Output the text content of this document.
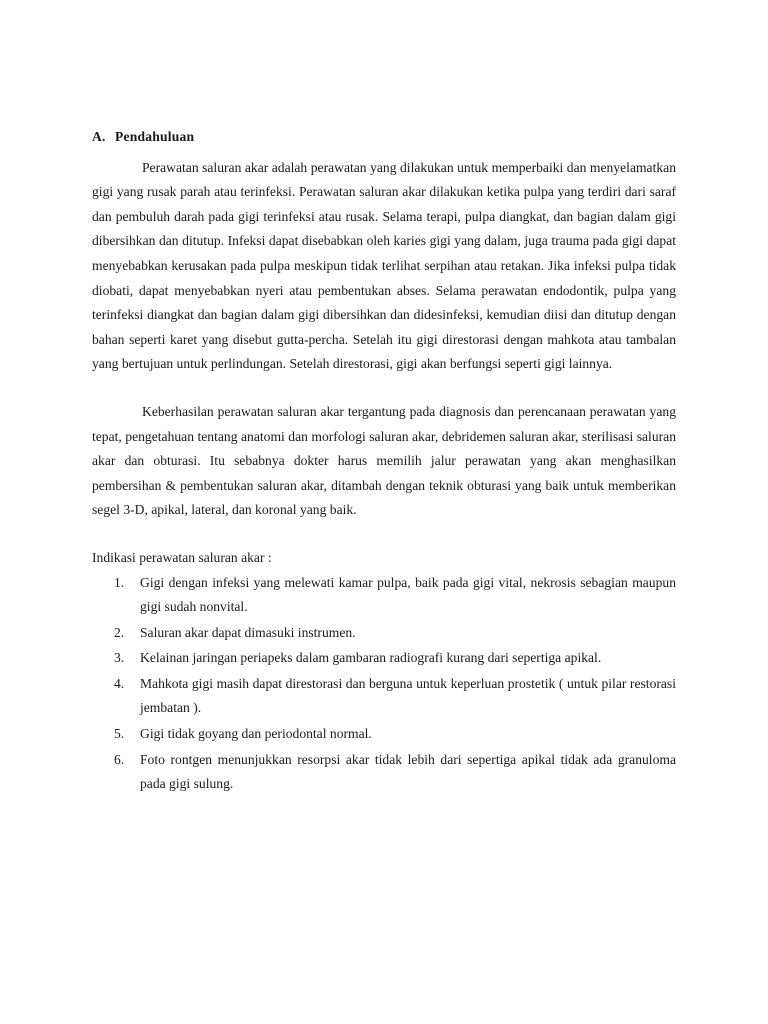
A. Pendahuluan

Perawatan saluran akar adalah perawatan yang dilakukan untuk memperbaiki dan menyelamatkan gigi yang rusak parah atau terinfeksi. Perawatan saluran akar dilakukan ketika pulpa yang terdiri dari saraf dan pembuluh darah pada gigi terinfeksi atau rusak. Selama terapi, pulpa diangkat, dan bagian dalam gigi dibersihkan dan ditutup. Infeksi dapat disebabkan oleh karies gigi yang dalam, juga trauma pada gigi dapat menyebabkan kerusakan pada pulpa meskipun tidak terlihat serpihan atau retakan. Jika infeksi pulpa tidak diobati, dapat menyebabkan nyeri atau pembentukan abses. Selama perawatan endodontik, pulpa yang terinfeksi diangkat dan bagian dalam gigi dibersihkan dan didesinfeksi, kemudian diisi dan ditutup dengan bahan seperti karet yang disebut gutta-percha. Setelah itu gigi direstorasi dengan mahkota atau tambalan yang bertujuan untuk perlindungan. Setelah direstorasi, gigi akan berfungsi seperti gigi lainnya.

Keberhasilan perawatan saluran akar tergantung pada diagnosis dan perencanaan perawatan yang tepat, pengetahuan tentang anatomi dan morfologi saluran akar, debridemen saluran akar, sterilisasi saluran akar dan obturasi. Itu sebabnya dokter harus memilih jalur perawatan yang akan menghasilkan pembersihan & pembentukan saluran akar, ditambah dengan teknik obturasi yang baik untuk memberikan segel 3-D, apikal, lateral, dan koronal yang baik.

Indikasi perawatan saluran akar :

1. Gigi dengan infeksi yang melewati kamar pulpa, baik pada gigi vital, nekrosis sebagian maupun gigi sudah nonvital.
2. Saluran akar dapat dimasuki instrumen.
3. Kelainan jaringan periapeks dalam gambaran radiografi kurang dari sepertiga apikal.
4. Mahkota gigi masih dapat direstorasi dan berguna untuk keperluan prostetik ( untuk pilar restorasi jembatan ).
5. Gigi tidak goyang dan periodontal normal.
6. Foto rontgen menunjukkan resorpsi akar tidak lebih dari sepertiga apikal tidak ada granuloma pada gigi sulung.
